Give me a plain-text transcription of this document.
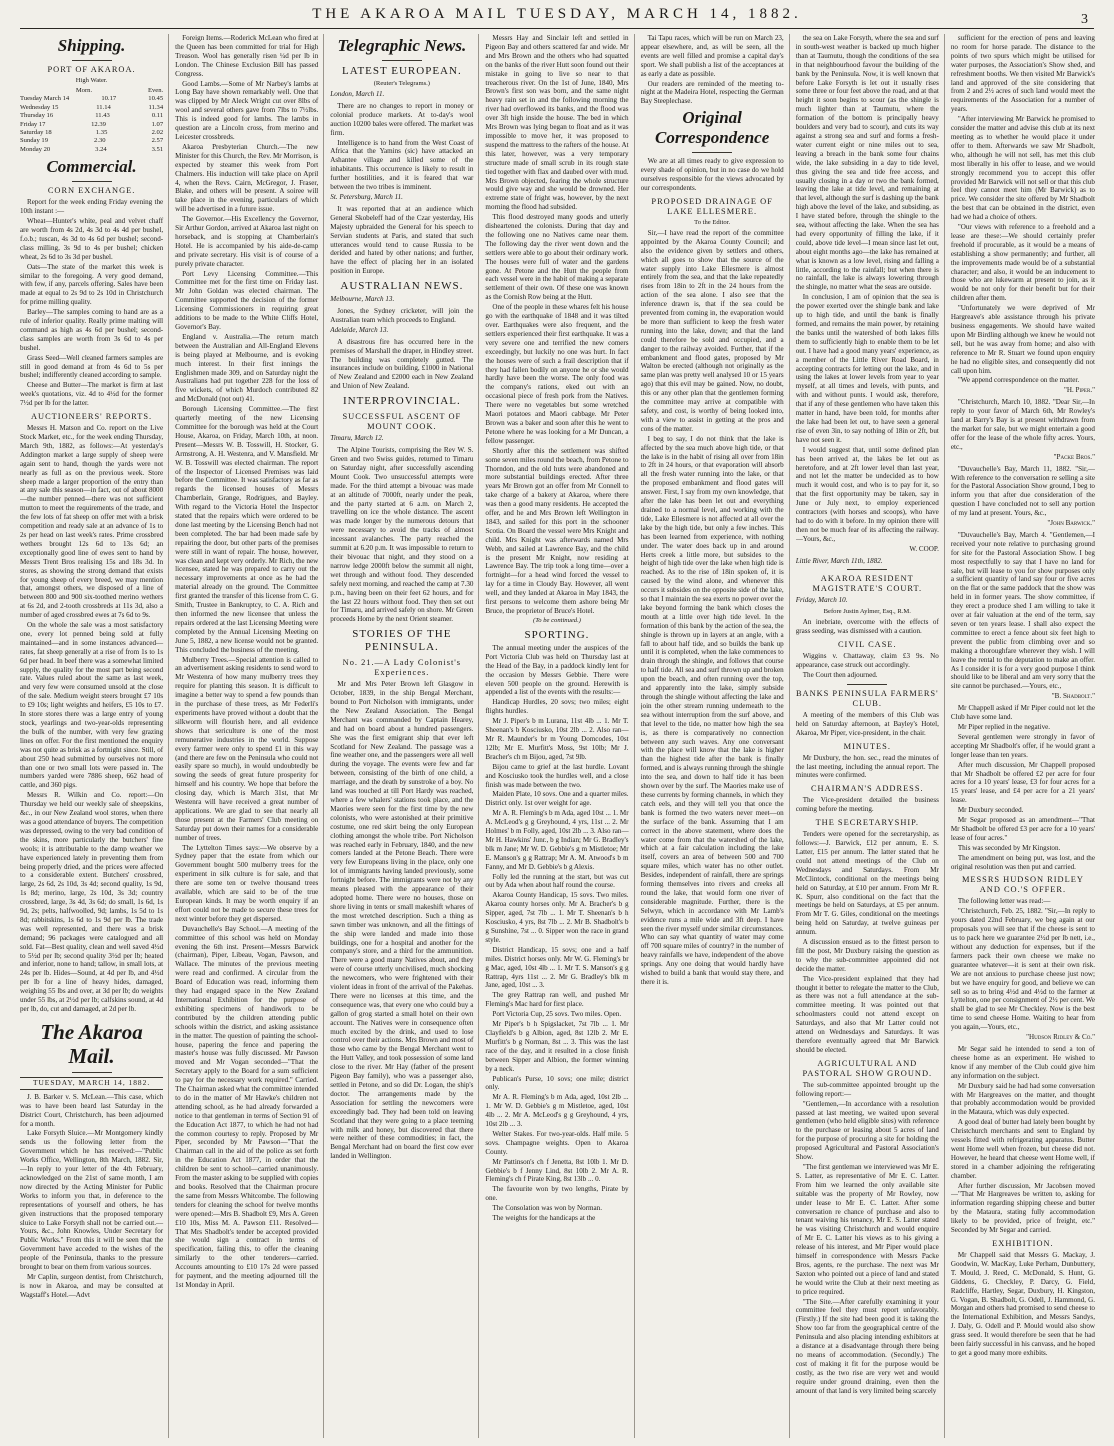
THE AKAROA MAIL TUESDAY, MARCH 14, 1882.	3
Shipping.
PORT OF AKAROA.
High Water.
Morn.	Even.
Tuesday March 14	10.17	10.45
Wednesday 15	11.14	11.34
Thursday 16	11.43	0.11
Friday 17	12.39	1.07
Saturday 18	1.35	2.02
Sunday 19	2.30	2.57
Monday 20	3.24	3.51
Commercial.
CORN EXCHANGE.

Report for the week ending Friday evening the 10th instant :—

Wheat—Hunter's white, peal and velvet chaff are worth from 4s 2d, 4s 3d to 4s 4d per bushel, f.o.b.; tuscan, 4s 3d to 4s 6d per bushel; second-class milling, 3s 9d to 4s per bushel; chicken wheat, 2s 6d to 3s 3d per bushel.

Oats—The state of the market this week is similar to the foregoing. A very good demand, with few, if any, parcels offering. Sales have been made at equal to 2s 9d to 2s 10d in Christchurch for prime milling quality.

Barley—The samples coming to hand are as a rule of inferior quality. Really prime malting will command as high as 4s 6d per bushel; second-class samples are worth from 3s 6d to 4s per bushel.

Grass Seed—Well cleaned farmers samples are still in good demand at from 4s 6d to 5s per bushel; indifferently cleaned according to sample.

Cheese and Butter—The market is firm at last week's quotations, viz. 4d to 4½d for the former 7½d per lb for the latter.

AUCTIONEERS' REPORTS.

Messrs H. Matson and Co. report on the Live Stock Market, etc., for the week ending Thursday, March 9th, 1882, as follows:—At yesterday's Addington market a large supply of sheep were again sent to hand, though the yards were not nearly as full as on the previous week. Store sheep made a larger proportion of the entry than at any sale this season—in fact, out of about 8000—the number penned—there was not sufficient mutton to meet the requirements of the trade, and the few lots of fat sheep on offer met with a brisk competition and ready sale at an advance of 1s to 2s per head on last week's rates. Prime crossbred wethers brought 12s 6d to 13s 6d; an exceptionally good line of ewes sent to hand by Messrs Trent Bros realising 15s and 18s 3d. In stores, as showing the strong demand that exists for young sheep of every breed, we may mention that, amongst others, we disposed of a line of between 800 and 900 six-toothed merino wethers at 6s 2d, and 2-tooth crossbreds at 11s 3d, also a number of aged crossbred ewes at 7s 6d to 9s.

On the whole the sale was a most satisfactory one, every lot penned being sold at fully maintained—and in some instances advanced—rates, fat sheep generally at a rise of from 1s to 1s 6d per head. In beef there was a somewhat limited supply, the quality for the most part being second rate. Values ruled about the same as last week, and very few were consumed unsold at the close of the sale. Medium weight steers brought £7 10s to £9 10s; light weights and heifers, £5 10s to £7. In store stores there was a large entry of young stock, yearlings and two-year-olds representing the bulk of the number, with very few grazing lines on offer. For the first mentioned the enquiry was not quite as brisk as a fortnight since. Still, of about 250 head submitted by ourselves not more than one or two small lots were passed in. The numbers yarded were 7886 sheep, 662 head of cattle, and 360 pigs.

Messrs R. Wilkin and Co. report:—On Thursday we held our weekly sale of sheepskins, &c., in our New Zealand wool stores, when there was a good attendance of buyers. The competition was depressed, owing to the very bad condition of the skins, more particularly the butchers' fine wools; it is attributable to the damp weather we have experienced lately in preventing them from being properly dried, and the prices were affected to a considerable extent. Butchers' crossbred, large, 2s 6d, 2s 10d, 3s 4d; second quality, 1s 9d, 1s 8d; merino, large, 2s 10d, 3s 3d; country crossbred, large, 3s 4d, 3s 6d; do small, 1s 6d, 1s 9d, 2s; pelts, halfwoolled, 9d; lambs, 1s 5d to 1s 8d; rabbitskins, 1s 6d to 1s 9d per lb. The trade was well represented, and there was a brisk demand; 96 packages were catalogued and all sold. Fat—Best quality, clean and well saved 4½d to 5½d per lb; second quality 3½d per lb; heated and inferior, none to hand; tallow, in small lots, at 24s per lb. Hides—Sound, at 4d per lb, and 4½d per lb for a line of heavy hides, damaged, weighing 55 lbs and over, at 3d per lb; do weights under 55 lbs, at 2½d per lb; calfskins sound, at 4d per lb, do, cut and damaged, at 2d per lb.

The Akaroa Mail.
TUESDAY, MARCH 14, 1882.

J. B. Barker v. S. McLean.—This case, which was to have been heard last Saturday in the District Court, Christchurch, has been adjourned for a month.

Lake Forsyth Sluice.—Mr Montgomery kindly sends us the following letter from the Government which he has received:—"Public Works Office, Wellington, 8th March, 1882. Sir,—In reply to your letter of the 4th February, acknowledged on the 21st of same month, I am now directed by the Acting Minister for Public Works to inform you that, in deference to the representations of yourself and others, he has given instructions that the proposed temporary sluice to Lake Forsyth shall not be carried out.—Yours, &c., John Knowles, Under Secretary for Public Works." From this it will be seen that the Government have acceded to the wishes of the people of the Peninsula, thanks to the pressure brought to bear on them from various sources.

Mr Caplin, surgeon dentist, from Christchurch, is now in Akaroa, and may be consulted at Wagstaff's Hotel.—Advt

Foreign Items.—Roderick McLean who fired at the Queen has been committed for trial for High Treason. Wool has generally risen ¼d per lb in London. The Chinese Exclusion Bill has passed Congress.

Good Lambs.—Some of Mr Narbey's lambs at Long Bay have shown remarkably well. One that was clipped by Mr Aleck Wright cut over 8lbs of wool and several others gave from 7lbs to 7½lbs. This is indeed good for lambs. The lambs in question are a Lincoln cross, from merino and Leicester crossbreds.

Akaroa Presbyterian Church.—The new Minister for this Church, the Rev. Mr Morrison, is expected by steamer this week from Port Chalmers. His induction will take place on April 4, when the Revs. Cairn, McGregor, J. Fraser, Blake, and others will be present. A soiree will take place in the evening, particulars of which will be advertised in a future issue.

The Governor.—His Excellency the Governor, Sir Arthur Gordon, arrived at Akaroa last night on horseback, and is stopping at Chamberlain's Hotel. He is accompanied by his aide-de-camp and private secretary. His visit is of course of a purely private character.

Port Levy Licensing Committee.—This Committee met for the first time on Friday last. Mr John Goldan was elected chairman. The Committee supported the decision of the former Licensing Commissioners in requiring great additions to be made to the White Cliffs Hotel, Governor's Bay.

England v. Australia.—The return match between the Australian and All-England Elevens is being played at Melbourne, and is evoking much interest. In their first innings the Englishmen made 309, and on Saturday night the Australians had put together 228 for the loss of five wickets, of which Murdoch contributed 82 and McDonald (not out) 41.

Borough Licensing Committee.—The first quarterly meeting of the new Licensing Committee for the borough was held at the Court House, Akaroa, on Friday, March 10th, at noon. Present—Messrs W. B. Tosswill, H. Stocker, G. Armstrong, A. H. Westenra, and V. Mansfield. Mr W. B. Tosswill was elected chairman. The report of the Inspector of Licensed Premises was laid before the Committee. It was satisfactory as far as regards the licensed houses of Messrs Chamberlain, Grange, Rodrigues, and Bayley. With regard to the Victoria Hotel the Inspector stated that the repairs which were ordered to be done last meeting by the Licensing Bench had not been completed. The bar had been made safe by repairing the door, but other parts of the premises were still in want of repair. The house, however, was clean and kept very orderly. Mr Rich, the new licensee, stated he was prepared to carry out the necessary improvements at once as he had the material already on the ground. The Committee first granted the transfer of this license from C. G. Smith, Trustee in Bankruptcy, to C. A. Rich and then informed the new licensee that unless the repairs ordered at the last Licensing Meeting were completed by the Annual Licensing Meeting on June 5, 1882, a new license would not be granted. This concluded the business of the meeting.

Mulberry Trees.—Special attention is called to an advertisement asking residents to send word to Mr Westenra of how many mulberry trees they require for planting this season. It is difficult to imagine a better way to spend a few pounds than in the purchase of these trees, as Mr Federli's experiments have proved without a doubt that the silkworm will flourish here, and all evidence shows that sericulture is one of the most remunerative industries in the world. Suppose every farmer were only to spend £1 in this way (and there are few on the Peninsula who could not easily spare so much), in would undoubtedly be sowing the seeds of great future prosperity for himself and his country. We hope that before the closing day, which is March 31st, that Mr Westenra will have received a great number of applications. We are glad to see that nearly all those present at the Farmers' Club meeting on Saturday put down their names for a considerable number of trees.

The Lyttelton Times says:—We observe by a Sydney paper that the estate from which our Government bought 500 mulberry trees for the experiment in silk culture is for sale, and that there are some ten or twelve thousand trees available, which are said to be of the true European kinds. It may be worth enquiry if an effort could not be made to secure these trees for next winter before they get dispersed.

Duvauchelle's Bay School.—A meeting of the committee of this school was held on Monday evening the 6th inst. Present—Messrs Barwick (chairman), Piper, Libeau, Vogan, Pawson, and Wallace. The minutes of the previous meeting were read and confirmed. A circular from the Board of Education was read, informing them they had engaged space in the New Zealand International Exhibition for the purpose of exhibiting specimens of handiwork to be contributed by the children attending public schools within the district, and asking assistance in the matter. The question of painting the school-house, papering the fence and papering the master's house was fully discussed. Mr Pawson moved and Mr Vogan seconded—"That the Secretary apply to the Board for a sum sufficient to pay for the necessary work required." Carried. The Chairman asked what the committee intended to do in the matter of Mr Hawke's children not attending school, as he had already forwarded a notice to that gentleman in terms of Section 91 of the Education Act 1877, to which he had not had the common courtesy to reply. Proposed by Mr Piper, seconded by Mr Pawson—"That the Chairman call in the aid of the police as set forth in the Education Act 1877, in order that the children be sent to school—carried unanimously. From the master asking to be supplied with copies and books. Resolved that the Chairman procure the same from Messrs Whitcombe. The following tenders for cleaning the school for twelve months were opened:—Mrs B. Shadbolt £9, Mrs A. Green £10 10s, Miss M. A. Pawson £11. Resolved—That Mrs Shadbolt's tender be accepted provided she would sign a contract in terms of specification, failing this, to offer the cleaning similarly to the other tenderers—carried. Accounts amounting to £10 17s 2d were passed for payment, and the meeting adjourned till the 1st Monday in April.

Telegraphic News.
LATEST EUROPEAN.
(Reuter's Telegrams.)
London, March 11.

There are no changes to report in money or colonial produce markets. At to-day's wool auction 10200 bales were offered. The market was firm.

Intelligence is to hand from the West Coast of Africa that the Yamins (sic) have attacked an Ashantee village and killed some of the inhabitants. This occurrence is likely to result in further hostilities, and it is feared that war between the two tribes is imminent.

St. Petersburg, March 11.

It was reported that at an audience which General Skobeleff had of the Czar yesterday, His Majesty upbraided the General for his speech to Servian students at Paris, and stated that such utterances would tend to cause Russia to be derided and hated by other nations; and further, have the effect of placing her in an isolated position in Europe.

AUSTRALIAN NEWS.
Melbourne, March 13.

Jones, the Sydney cricketer, will join the Australian team which proceeds to England.

Adelaide, March 13.

A disastrous fire has occurred here in the premises of Marshall the draper, in Hindley street. The building was completely gutted. The insurances include on building, £1000 in National of New Zealand and £2000 each in New Zealand and Union of New Zealand.

INTERPROVINCIAL.
SUCCESSFUL ASCENT OF MOUNT COOK.
Timaru, March 12.

The Alpine Tourists, comprising the Rev W. S. Green and two Swiss guides, returned to Timaru on Saturday night, after successfully ascending Mount Cook. Two unsuccessful attempts were made. For the third attempt a bivouac was made at an altitude of 7000ft, nearly under the peak, and the party started at 6 a.m. on March 2, travelling on ice the whole distance. The ascent was made longer by the numerous detours that were necessary to avoid the tracks of almost incessant avalanches. The party reached the summit at 6.20 p.m. It was impossible to return to their bivouac that night, and they stood on a narrow ledge 2000ft below the summit all night, wet through and without food. They descended safely next morning, and reached the camp at 7.30 p.m., having been on their feet 62 hours, and for the last 22 hours without food. They then set out for Timaru, and arrived safely on shore. Mr Green proceeds Home by the next Orient steamer.

STORIES OF THE PENINSULA.
No. 21.—A Lady Colonist's Experiences.

Mr and Mrs Peter Brown left Glasgow in October, 1839, in the ship Bengal Merchant, bound to Port Nicholson with immigrants, under the New Zealand Association. The Bengal Merchant was commanded by Captain Hearey, and had on board about a hundred passengers. She was the first emigrant ship that ever left Scotland for New Zealand. The passage was a fine weather one, and the passengers were all well during the voyage. The events were few and far between, consisting of the birth of one child, a marriage, and the death by sunstroke of a boy. No land was touched at till Port Hardy was reached, where a few whalers' stations took place, and the Maories were seen for the first time by the new colonists, who were astonished at their primitive costume, one red skirt being the only European clothing amongst the whole tribe. Port Nicholson was reached early in February, 1840, and the new comers landed at the Petone Beach. There were very few Europeans living in the place, only one lot of immigrants having landed previously, some fortnight before. The immigrants were not by any means pleased with the appearance of their adopted home. There were no houses, those on shore living in tents or small makeshift whares of the most wretched description. Such a thing as sawn timber was unknown, and all the fittings of the ship were landed and made into those buildings, one for a hospital and another for the company's store, and a third for the ammunition. There were a good many Natives about, and they were of course utterly uncivilised, much shocking the newcomers, who were frightened with their violent ideas in front of the arrival of the Pakehas. There were no licenses at this time, and the consequence was, that every one who could buy a gallon of grog started a small hotel on their own account. The Natives were in consequence often much excited by the drink, and used to lose control over their actions. Mrs Brown and most of those who came by the Bengal Merchant went to the Hutt Valley, and took possession of some land close to the river. Mr Hay (father of the present Pigeon Bay family), who was a passenger also, settled in Petone, and so did Dr. Logan, the ship's doctor. The arrangements made by the Association for settling the newcomers were exceedingly bad. They had been told on leaving Scotland that they were going to a place teeming with milk and honey, but discovered that there were neither of these commodities; in fact, the Bengal Merchant had on board the first cow ever landed in Wellington.

Messrs Hay and Sinclair left and settled in Pigeon Bay and others scattered far and wide. Mr and Mrs Brown and the others who had squatted on the banks of the river Hutt soon found out their mistake in going to live so near to that treacherous river. On the 1st of June, 1840, Mrs Brown's first son was born, and the same night heavy rain set in and the following morning the river had overflowed its banks, and the flood was over 3ft high inside the house. The bed in which Mrs Brown was lying began to float and as it was impossible to move her, it was proposed to suspend the mattress to the rafters of the house. At this later, however, was a very temporary structure made of small scrub in its rough state tied together with flax and daubed over with mud. Mrs Brown objected, fearing the whole structure would give way and she would be drowned. Her extreme state of fright was, however, by the next morning the flood had subsided.

This flood destroyed many goods and utterly disheartened the colonists. During that day and the following one no Natives came near them. The following day the river went down and the settlers were able to go about their ordinary work. The houses were full of water and the gardens gone. At Petone and the Hutt the people from each vessel were in the habit of making a separate settlement of their own. Of these one was known as the Cornish Row being at the Hutt.

One of the people in these whares felt his house go with the earthquake of 1848 and it was tilted over. Earthquakes were also frequent, and the settlers experienced their first earthquake. It was a very severe one and terrified the new comers exceedingly, but luckily no one was hurt. In fact the houses were of such a frail description that if they had fallen bodily on anyone he or she would hardly have been the worse. The only food was the company's rations, eked out with an occasional piece of fresh pork from the Natives. There were no vegetables but some wretched Maori potatoes and Maori cabbage. Mr Peter Brown was a baker and soon after this he went to Petone where he was looking for a Mr Duncan, a fellow passenger.

Shortly after this the settlement was shifted some seven miles round the beach, from Petone to Thorndon, and the old huts were abandoned and more substantial buildings erected. After three years Mr Brown got an offer from Mr Connell to take charge of a bakery at Akaroa, where there was then a good many residents. He accepted the offer, and he and Mrs Brown left Wellington in 1843, and sailed for this port in the schooner Scotia. On Board the vessel were Mrs Knight and child. Mrs Knight was afterwards named Mrs Webb, and sailed at Lawrence Bay, and the child is the present Mr Knight, now residing at Lawrence Bay. The trip took a long time—over a fortnight—for a head wind forced the vessel to lay for a time in Cloudy Bay. However, all went well, and they landed at Akaroa in May 1843, the first persons to welcome them ashore being Mr Bruce, the proprietor of Bruce's Hotel.

(To be continued.)
SPORTING.

The annual meeting under the auspices of the Port Victoria Club was held on Thursday last at the Head of the Bay, in a paddock kindly lent for the occasion by Messrs Gebbie. There were eleven 500 people on the ground. Herewith is appended a list of the events with the results:—

Handicap Hurdles, 20 sovs; two miles; eight flights hurdles.

Mr J. Piper's b m Lurana, 11st 4lb ... 1. Mr T. Sheenan's b Kosciusko, 10st 2lb ... 2. Also ran—Mr R. Maunder's br m Young Domcodes, 10st 12lb; Mr E. Murfitt's Moss, 9st 10lb; Mr J. Bracher's ch m Bijou, aged, 7st 9lb.

Bijou came to grief at the last hurdle. Lovant and Kosciusko took the hurdles well, and a close finish was made between the two.

Maiden Plate, 10 sovs. One and a quarter miles. District only. 1st over weight for age.

Mr A. R. Fleming's b m Ada, aged 10st ... 1. Mr A. McLeod's g g Greyhound, 4 yrs, 11st ... 2. Mr Holmes' b m Folly, aged, 10st 2lb ... 3. Also ran—Mr H. Hawkins' Junr., b g Indian; Mr G. Bradley's blk m Jane; Mr W. D. Gebbie's g m Mistletoe; Mr E. Manson's g g Rattrap; Mr A. M. Atwood's b m Fanny, and Mr D. Gebbie's b g Alexis.

Folly led the running at the start, but was cut out by Ada when about half round the course.

Akaroa County Handicap, 15 sovs. Two miles. Akaroa county horses only. Mr A. Bracher's b g Sipper, aged, 7st 7lb ... 1. Mr T. Sheenan's b h Kosciusko, 4 yrs, 8st 7lb ... 2. Mr B. Shadbolt's b g Sunshine, 7st ... 0. Sipper won the race in grand style.

District Handicap, 15 sovs; one and a half miles. District horses only. Mr W. G. Fleming's br g Mac, aged, 10st 4lb ... 1. Mr T. S. Manson's g g Rattrap, 4yrs 11st ... 2. Mr G. Bradley's blk m Jane, aged, 10st ... 3.

The grey Rattrap ran well, and pushed Mr Fleming's Mac hard for first place.

Port Victoria Cup, 25 sovs. Two miles. Open.

Mr Piper's b h Spigslacket, 7st 7lb ... 1. Mr Clayfield's b g Albion, aged, 8st 12lb 2. Mr E. Murfitt's b g Norman, 8st ... 3. This was the last race of the day, and it resulted in a close finish between Sipper and Albion, the former winning by a neck.

Publican's Purse, 10 sovs; one mile; district only.

Mr A. R. Fleming's b m Ada, aged, 10st 2lb ... 1. Mr W. D. Gebbie's g m Mistletoe, aged, 10st 4lb ... 2. Mr A. McLeod's g g Greyhound, 4 yrs, 10st 2lb ... 3.

Welter Stakes. For two-year-olds. Half mile. 5 sovs. Champagne weights. Open to Akaroa County.

Mr Pattinson's ch f Jenetta, 8st 10lb 1. Mr D. Gebbie's b f Jenny Lind, 8st 10lb 2. Mr A. R. Fleming's ch f Pirate King, 8st 13lb ... 0.

The favourite won by two lengths, Pirate by one.

The Consolation was won by Norman.

The weights for the handicaps at the

Tai Tapu races, which will be run on March 23, appear elsewhere, and, as will be seen, all the events are well filled and promise a capital day's sport. We shall publish a list of the acceptances at as early a date as possible.

Our readers are reminded of the meeting to-night at the Madeira Hotel, respecting the German Bay Steeplechase.

Original Correspondence

We are at all times ready to give expression to every shade of opinion, but in no case do we hold ourselves responsible for the views advocated by our correspondents.

PROPOSED DRAINAGE OF LAKE ELLESMERE.
To the Editor.

Sir,—I have read the report of the committee appointed by the Akaroa County Council; and also the evidence given by settlers and others, which all goes to show that the source of the water supply into Lake Ellesmere is almost entirely from the sea, and that the lake repeatedly rises from 18in to 2ft in the 24 hours from the action of the sea alone. I also see that the inference drawn is, that if the sea could be prevented from coming in, the evaporation would be more than sufficient to keep the fresh water running into the lake, down; and that the land could therefore be sold and occupied, and a danger to the railway avoided. Further, that if the embankment and flood gates, proposed by Mr Walton be erected (although not originally as the same plan was pretty well analysed 10 or 15 years ago) that this evil may be gained. Now, no doubt, this or any other plan that the gentlemen forming the committee may arrive at compatible with safety, and cost, is worthy of being looked into, with a view to assist in getting at the pros and cons of the matter.

I beg to say, I do not think that the lake is affected by the sea much above high tide, or that the lake is in the habit of rising all over from 18in to 2ft in 24 hours, or that evaporation will absorb all the fresh water running into the lake, or that the proposed embankment and flood gates will answer. First, I say from my own knowledge, that after the lake has been let out and everything drained to a normal level, and working with the tide, Lake Ellesmere is not affected at all over the lake by the high tide, but only a few inches. This has been learned from experience, with nothing under. The water does back up in and around Herts creek a little more, but subsides to the height of high tide over the lake when high tide is reached. As to the rise of 18in spoken of, it is caused by the wind alone, and whenever this occurs it subsides on the opposite side of the lake, so that I maintain the sea exerts no power over the lake beyond forming the bank which closes the mouth at a little over high tide level. In the formation of this bank by the action of the sea, the shingle is thrown up in layers at an angle, with a fall to about half tide, and so builds the bank up until it is completed, when the lake commences to drain through the shingle, and follows that course to half tide. All sea and surf thrown up and broken upon the beach, and often running over the top, and apparently into the lake, simply subside through the shingle without affecting the lake and join the other stream running underneath to the sea without interruption from the surf above, and that level to the tide, no matter how high the sea is, as there is comparatively no connection between any such waves. Any one conversant with the place will know that the lake is higher than the highest tide after the bank is finally formed, and is always running through the shingle into the sea, and down to half tide it has been shown over by the surf. The Maories make use of these currents by forming channels, in which they catch eels, and they will tell you that once the bank is formed the two waters never meet—on the surface of the bank. Assuming that I am correct in the above statement, where does the water come from that the watershed of the lake, which at a fair calculation including the lake itself, covers an area of between 500 and 700 square miles, which water has no other outlet. Besides, independent of rainfall, there are springs forming themselves into rivers and creeks all round the lake, that would form one river of considerable magnitude. Further, there is the Selwyn, which in accordance with Mr Lamb's evidence runs a mile wide and 3ft deep. I have seen the river myself under similar circumstances. Who can say what quantity of water may come off 700 square miles of country? in the number of heavy rainfalls we have, independent of the above springs. Any one doing that would hardly have wished to build a bank that would stay there, and there it is.

the sea on Lake Forsyth, where the sea and surf in south-west weather is backed up much higher than at Taumutu, though the conditions of the sea in that neighbourhood favour the building of the bank by the Peninsula. Now, it is well known that before Lake Forsyth is let out it usually rises some three or four feet above the road, and at that height it soon begins to scour (as the shingle is much lighter than at Taumutu, where the formation of the bottom is principally heavy boulders and very bad to scour), and cuts its way against a strong sea and surf and forms a fresh-water current eight or nine miles out to sea, leaving a breach in the bank some four chains wide, the lake subsiding in a day to tide level, thus giving the sea and tide free access, and usually closing in a day or two the bank formed, leaving the lake at tide level, and remaining at that level, although the surf is dashing up the bank high above the level of the lake, and subsiding, as I have stated before, through the shingle to the sea, without affecting the lake. When the sea has had every opportunity of filling the lake, if it could, above tide level—I mean since last let out, about eight months ago—the lake has remained at what is known as a low level, rising and falling a little, according to the rainfall; but when there is no rainfall, the lake is always lowering through the shingle, no matter what the seas are outside.

In conclusion, I am of opinion that the sea is the power exerted over the shingle bank and lake up to high tide, and until the bank is finally formed, and remains the main power, by retaining the banks until the watershed of both lakes fills them to sufficiently high to enable them to be let out. I have had a good many years' experience, as a member of the Little River Road Board, in accepting contracts for letting out the lake, and in using the lakes at lower levels from year to year myself, at all times and levels, with punts, and with and without punts. I would ask, therefore, that if any of these gentlemen who have taken this matter in hand, have been told, for months after the lake had been let out, to have seen a general rise of even 3in, to say nothing of 18in or 2ft, but have not seen it.

I would suggest that, until some defined plan has been arrived at, the lakes be let out as heretofore, and at 2ft lower level than last year, and not let the matter be undecided as to how much it would cost, and who is to pay for it, so that the first opportunity may be taken, say in June or July next, to employ experienced contractors (with horses and scoops), who have had to do with it before. In my opinion there will then not be much fear of its affecting the railway.—Yours, &c.,

W. COOP.
Little River, March 11th, 1882.
AKAROA RESIDENT MAGISTRATE'S COURT.
Friday, March 10.
Before Justin Aylmer, Esq., R.M.

An inebriate, overcome with the effects of grass seeding, was dismissed with a caution.

CIVIL CASE.

Wiggins v. Chattaway, claim £3 9s. No appearance, case struck out accordingly.

The Court then adjourned.

BANKS PENINSULA FARMERS' CLUB.

A meeting of the members of this Club was held on Saturday afternoon, at Bayley's Hotel, Akaroa, Mr Piper, vice-president, in the chair.

MINUTES.

Mr Duxbury, the hon. sec., read the minutes of the last meeting, including the annual report. The minutes were confirmed.

CHAIRMAN'S ADDRESS.

The Vice-president detailed the business coming before the meeting.

THE SECRETARYSHIP.

Tenders were opened for the secretaryship, as follows:—J. Barwick, £12 per annum, E. S. Latter, £15 per annum. The latter stated that he could not attend meetings of the Club on Wednesdays and Saturdays. From Mr McClintock, conditional on the meetings being held on Saturday, at £10 per annum. From Mr R. K. Spurr, also conditional on the fact that the meetings be held on Saturdays, at £5 per annum. From Mr T. G. Giles, conditional on the meetings being held on Saturday, at twelve guineas per annum.

A discussion ensued as to the fittest person to fill the post, Mr Duxbury raising the question as to why the sub-committee appointed did not decide the matter.

The Vice-president explained that they had thought it better to relegate the matter to the Club, as there was not a full attendance at the sub-committee meeting. It was pointed out that schoolmasters could not attend except on Saturdays, and also that Mr Latter could not attend on Wednesdays and Saturdays. It was therefore eventually agreed that Mr Barwick should be elected.

AGRICULTURAL AND PASTORAL SHOW GROUND.

The sub-committee appointed brought up the following report:—

"Gentlemen,—In accordance with a resolution passed at last meeting, we waited upon several gentlemen (who held eligible sites) with reference to the purchase or leasing about 5 acres of land for the purpose of procuring a site for holding the proposed Agricultural and Pastoral Association's Show.

"The first gentleman we interviewed was Mr E. S. Latter, as representative of Mr E. C. Latter. From him we learned the only available site suitable was the property of Mr Rowley, now under lease to Mr E. C. Latter. After some conversation re chance of purchase and also to tenant waiving his tenancy, Mr E. S. Latter stated he was visiting Christchurch and would enquire of Mr E. C. Latter his views as to his giving a release of his interest, and Mr Piper would place himself in correspondence with Messrs Packe Bros, agents, re the purchase. The next was Mr Saxton who pointed out a piece of land and stated he would write the Club at their next meeting as to price required.

"The Site.—After carefully examining it your committee feel they must report unfavorably. (Firstly.) If the site had been good it is taking the Show too far from the geographical centre of the Peninsula and also placing intending exhibitors at a distance at a disadvantage through there being no means of accommodation. (Secondly.) The cost of making it fit for the purpose would be costly, as the two rise are very wet and would require under ground draining, even then the amount of that land is very limited being scarcely

sufficient for the erection of pens and leaving no room for horse parade. The distance to the points of two spurs which might be utilised for water purposes, the Association's Show shed, and refreshment booths. We then visited Mr Barwick's land and approved of the site considering that from 2 and 2½ acres of such land would meet the requirements of the Association for a number of years.

"After interviewing Mr Barwick he promised to consider the matter and advise this club at its next meeting as to whether he would place it under offer to them. Afterwards we saw Mr Shadbolt, who, although he will not sell, has met this club most liberally in his offer to lease, and we would strongly recommend you to accept this offer provided Mr Barwick will not sell or that this club feel they cannot meet him (Mr Barwick) as to price. We consider the site offered by Mr Shadbolt the best that can be obtained in the district, even had we had a choice of others.

"Our views with reference to a freehold and a lease are these:—We should certainly prefer freehold if procurable, as it would be a means of establishing a show permanently; and further, all the improvements made would be of a substantial character; and also, it would be an inducement to those who are lukewarm at present to join, as it would be not only for their benefit but for their children after them.

"Unfortunately we were deprived of Mr Hargreave's able assistance through his private business engagements. We should have waited upon Mr Birdling although we knew he would not sell, but he was away from home; and also with reference to Mr R. Stuart we found upon enquiry he had no eligible sites, and consequently did not call upon him.

"We append correspondence on the matter.

"H. Piper."

"Christchurch, March 10, 1882. "Dear Sir,—In reply to your favor of March 6th, Mr Rowley's land at Barry's Bay is at present withdrawn from the market for sale, but we might entertain a good offer for the lease of the whole fifty acres. Yours, etc.,

"Packe Bros."

"Duvauchelle's Bay, March 11, 1882. "Sir,—With reference to the conversation re selling a site for the Pastoral Association Show ground, I beg to inform you that after due consideration of the question I have concluded not to sell any portion of my land at present. Yours, &c.,

"John Barwick."

"Duvauchelle's Bay, March 4. "Gentlemen,—I received your note relative to purchasing ground for site for the Pastoral Association Show. I beg most respectfully to say that I have no land for sale, but will lease to you for show purposes only a sufficient quantity of land say four or five acres on the flat or the same paddock that the show was held in in former years. The show committee, if they erect a produce shed I am willing to take it over at fair valuation at the end of the term, say seven or ten years lease. I shall also expect the committee to erect a fence about six feet high to prevent the public from climbing over and so making a thoroughfare wherever they wish. I will leave the rental to the deputation to make an offer. As I consider it is for a very good purpose I think should like to be liberal and am very sorry that the site cannot be purchased.—Yours, etc.,

"B. Shadbolt."

Mr Chappell asked if Mr Piper could not let the Club have some land.

Mr Piper replied in the negative.

Several gentlemen were strongly in favor of accepting Mr Shadbolt's offer, if he would grant a longer lease than ten years.

After much discussion, Mr Chappell proposed that Mr Shadbolt be offered £2 per acre for four acres for a 10 years' lease, £3 for four acres for a 15 years' lease, and £4 per acre for a 21 years' lease.

Mr Duxbury seconded.

Mr Segar proposed as an amendment—"That Mr Shadbolt be offered £3 per acre for a 10 years' lease of four acres."

This was seconded by Mr Kingston.

The amendment on being put, was lost, and the original resolution was then put and carried.

MESSRS HUDSON RIDLEY AND CO.'S OFFER.

The following letter was read:—

"Christchurch, Feb. 25, 1882. "Sir,—In reply to yours dated 22nd February, we beg again at our proposals you will see that if the cheese is sent to us to pack here we guarantee 2½d per lb nett, i.e., without any deduction for expenses, but if the farmers pack their own cheese we make no guarantee whatever—it is sent at their own risk. We are not anxious to purchase cheese just now; but we have enquiry for good, and believe we can sell so as to bring 4½d and 4½d to the farmer at Lyttelton, one per consignment of 2½ per cent. We shall be glad to see Mr Checkley. Now is the best time to send cheese Home. Waiting to hear from you again,—Yours, etc.,

"Hudson Ridley & Co."

Mr Segar said he intended to send a ton of cheese home as an experiment. He wished to know if any member of the Club could give him any information on the subject.

Mr Duxbury said he had had some conversation with Mr Hargreaves on the matter, and thought that probably accommodation would be provided in the Mataura, which was duly expected.

A good deal of butter had lately been bought by Christchurch merchants and sent to England by vessels fitted with refrigerating apparatus. Butter went Home well when frozen, but cheese did not. However, he heard that cheese went Home well, if stored in a chamber adjoining the refrigerating chamber.

After further discussion, Mr Jacobsen moved—"That Mr Hargreaves be written to, asking for information regarding shipping cheese and butter by the Mataura, stating fully accommodation likely to be provided, price of freight, etc." Seconded by Mr Segar and carried.

EXHIBITION.

Mr Chappell said that Messrs G. Mackay, J. Goodwin, W. MacKay, Luke Perham, Dunbuttery, T. Mould, J. Reed, C. McDonald, S. Hunt, G. Giddens, G. Checkley, P. Darcy, G. Field, Radcliffe, Hartley, Segar, Duxbury, H. Kingston, G. Vogan, B. Shadbolt, G. Odell, J. Hammond, G. Morgan and others had promised to send cheese to the International Exhibition, and Messrs Sandys, J. Daly, G. Odell and P. Mould would also show grass seed. It would therefore be seen that he had been fairly successful in his canvass, and he hoped to get a good many more exhibits.
